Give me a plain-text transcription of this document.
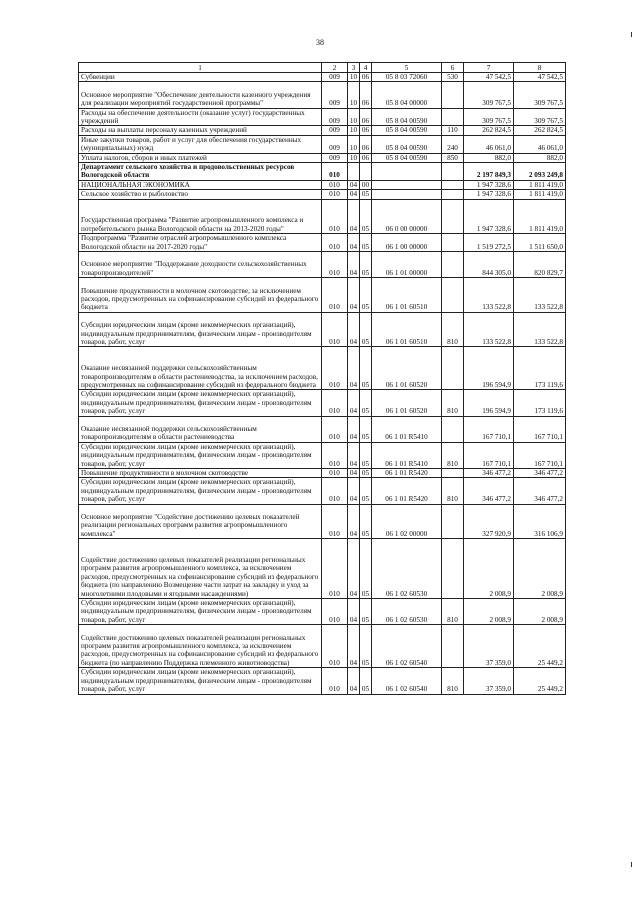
38
1	2	3	4	5	6	7	8
Субвенции	009	10	06	05 8 03 72060	530	47 542,5	47 542,5
Основное мероприятие "Обеспечение деятельности казенного учреждения для реализации мероприятий государственной программы"	009	10	06	05 8 04 00000		309 767,5	309 767,5
Расходы на обеспечение деятельности (оказание услуг) государственных учреждений	009	10	06	05 8 04 00590		309 767,5	309 767,5
Расходы на выплаты персоналу казенных учреждений	009	10	06	05 8 04 00590	110	262 824,5	262 824,5
Иные закупки товаров, работ и услуг для обеспечения государственных (муниципальных) нужд	009	10	06	05 8 04 00590	240	46 061,0	46 061,0
Уплата налогов, сборов и иных платежей	009	10	06	05 8 04 00590	850	882,0	882,0
Департамент сельского хозяйства и продовольственных ресурсов Вологодской области	010					2 197 849,3	2 093 249,8
НАЦИОНАЛЬНАЯ ЭКОНОМИКА	010	04	00			1 947 328,6	1 811 419,0
Сельское хозяйство и рыболовство	010	04	05			1 947 328,6	1 811 419,0
Государственная программа "Развитие агропромышленного комплекса и потребительского рынка Вологодской области на 2013-2020 годы"	010	04	05	06 0 00 00000		1 947 328,6	1 811 419,0
Подпрограмма "Развитие отраслей агропромышленного комплекса Вологодской области на 2017-2020 годы"	010	04	05	06 1 00 00000		1 519 272,5	1 511 650,0
Основное мероприятие "Поддержание доходности сельскохозяйственных товаропроизводителей"	010	04	05	06 1 01 00000		844 305,0	820 829,7
Повышение продуктивности в молочном скотоводстве, за исключением расходов, предусмотренных на софинансирование субсидий из федерального бюджета	010	04	05	06 1 01 60510		133 522,8	133 522,8
Субсидии юридическим лицам (кроме некоммерческих организаций), индивидуальным предпринимателям, физическим лицам - производителям товаров, работ, услуг	010	04	05	06 1 01 60510	810	133 522,8	133 522,8
Оказание несвязанной поддержки сельскохозяйственным товаропроизводителям в области растениеводства, за исключением расходов, предусмотренных на софинансирование субсидий из федерального бюджета	010	04	05	06 1 01 60520		196 594,9	173 119,6
Субсидии юридическим лицам (кроме некоммерческих организаций), индивидуальным предпринимателям, физическим лицам - производителям товаров, работ, услуг	010	04	05	06 1 01 60520	810	196 594,9	173 119,6
Оказание несвязанной поддержки сельскохозяйственным товаропроизводителям в области растениеводства	010	04	05	06 1 01 R5410		167 710,1	167 710,1
Субсидии юридическим лицам (кроме некоммерческих организаций), индивидуальным предпринимателям, физическим лицам - производителям товаров, работ, услуг	010	04	05	06 1 01 R5410	810	167 710,1	167 710,1
Повышение продуктивности в молочном скотоводстве	010	04	05	06 1 01 R5420		346 477,2	346 477,2
Субсидии юридическим лицам (кроме некоммерческих организаций), индивидуальным предпринимателям, физическим лицам - производителям товаров, работ, услуг	010	04	05	06 1 01 R5420	810	346 477,2	346 477,2
Основное мероприятие "Содействие достижению целевых показателей реализации региональных программ развития агропромышленного комплекса"	010	04	05	06 1 02 00000		327 920,9	316 106,9
Содействие достижению целевых показателей реализации региональных программ развития агропромышленного комплекса, за исключением расходов, предусмотренных на софинансирование субсидий из федерального бюджета (по направлению Возмещение части затрат на закладку и уход за многолетними плодовыми и ягодными насаждениями)	010	04	05	06 1 02 60530		2 008,9	2 008,9
Субсидии юридическим лицам (кроме некоммерческих организаций), индивидуальным предпринимателям, физическим лицам - производителям товаров, работ, услуг	010	04	05	06 1 02 60530	810	2 008,9	2 008,9
Содействие достижению целевых показателей реализации региональных программ развития агропромышленного комплекса, за исключением расходов, предусмотренных на софинансирование субсидий из федерального бюджета (по направлению Поддержка племенного животноводства)	010	04	05	06 1 02 60540		37 359,0	25 449,2
Субсидии юридическим лицам (кроме некоммерческих организаций), индивидуальным предпринимателям, физическим лицам - производителям товаров, работ, услуг	010	04	05	06 1 02 60540	810	37 359,0	25 449,2
